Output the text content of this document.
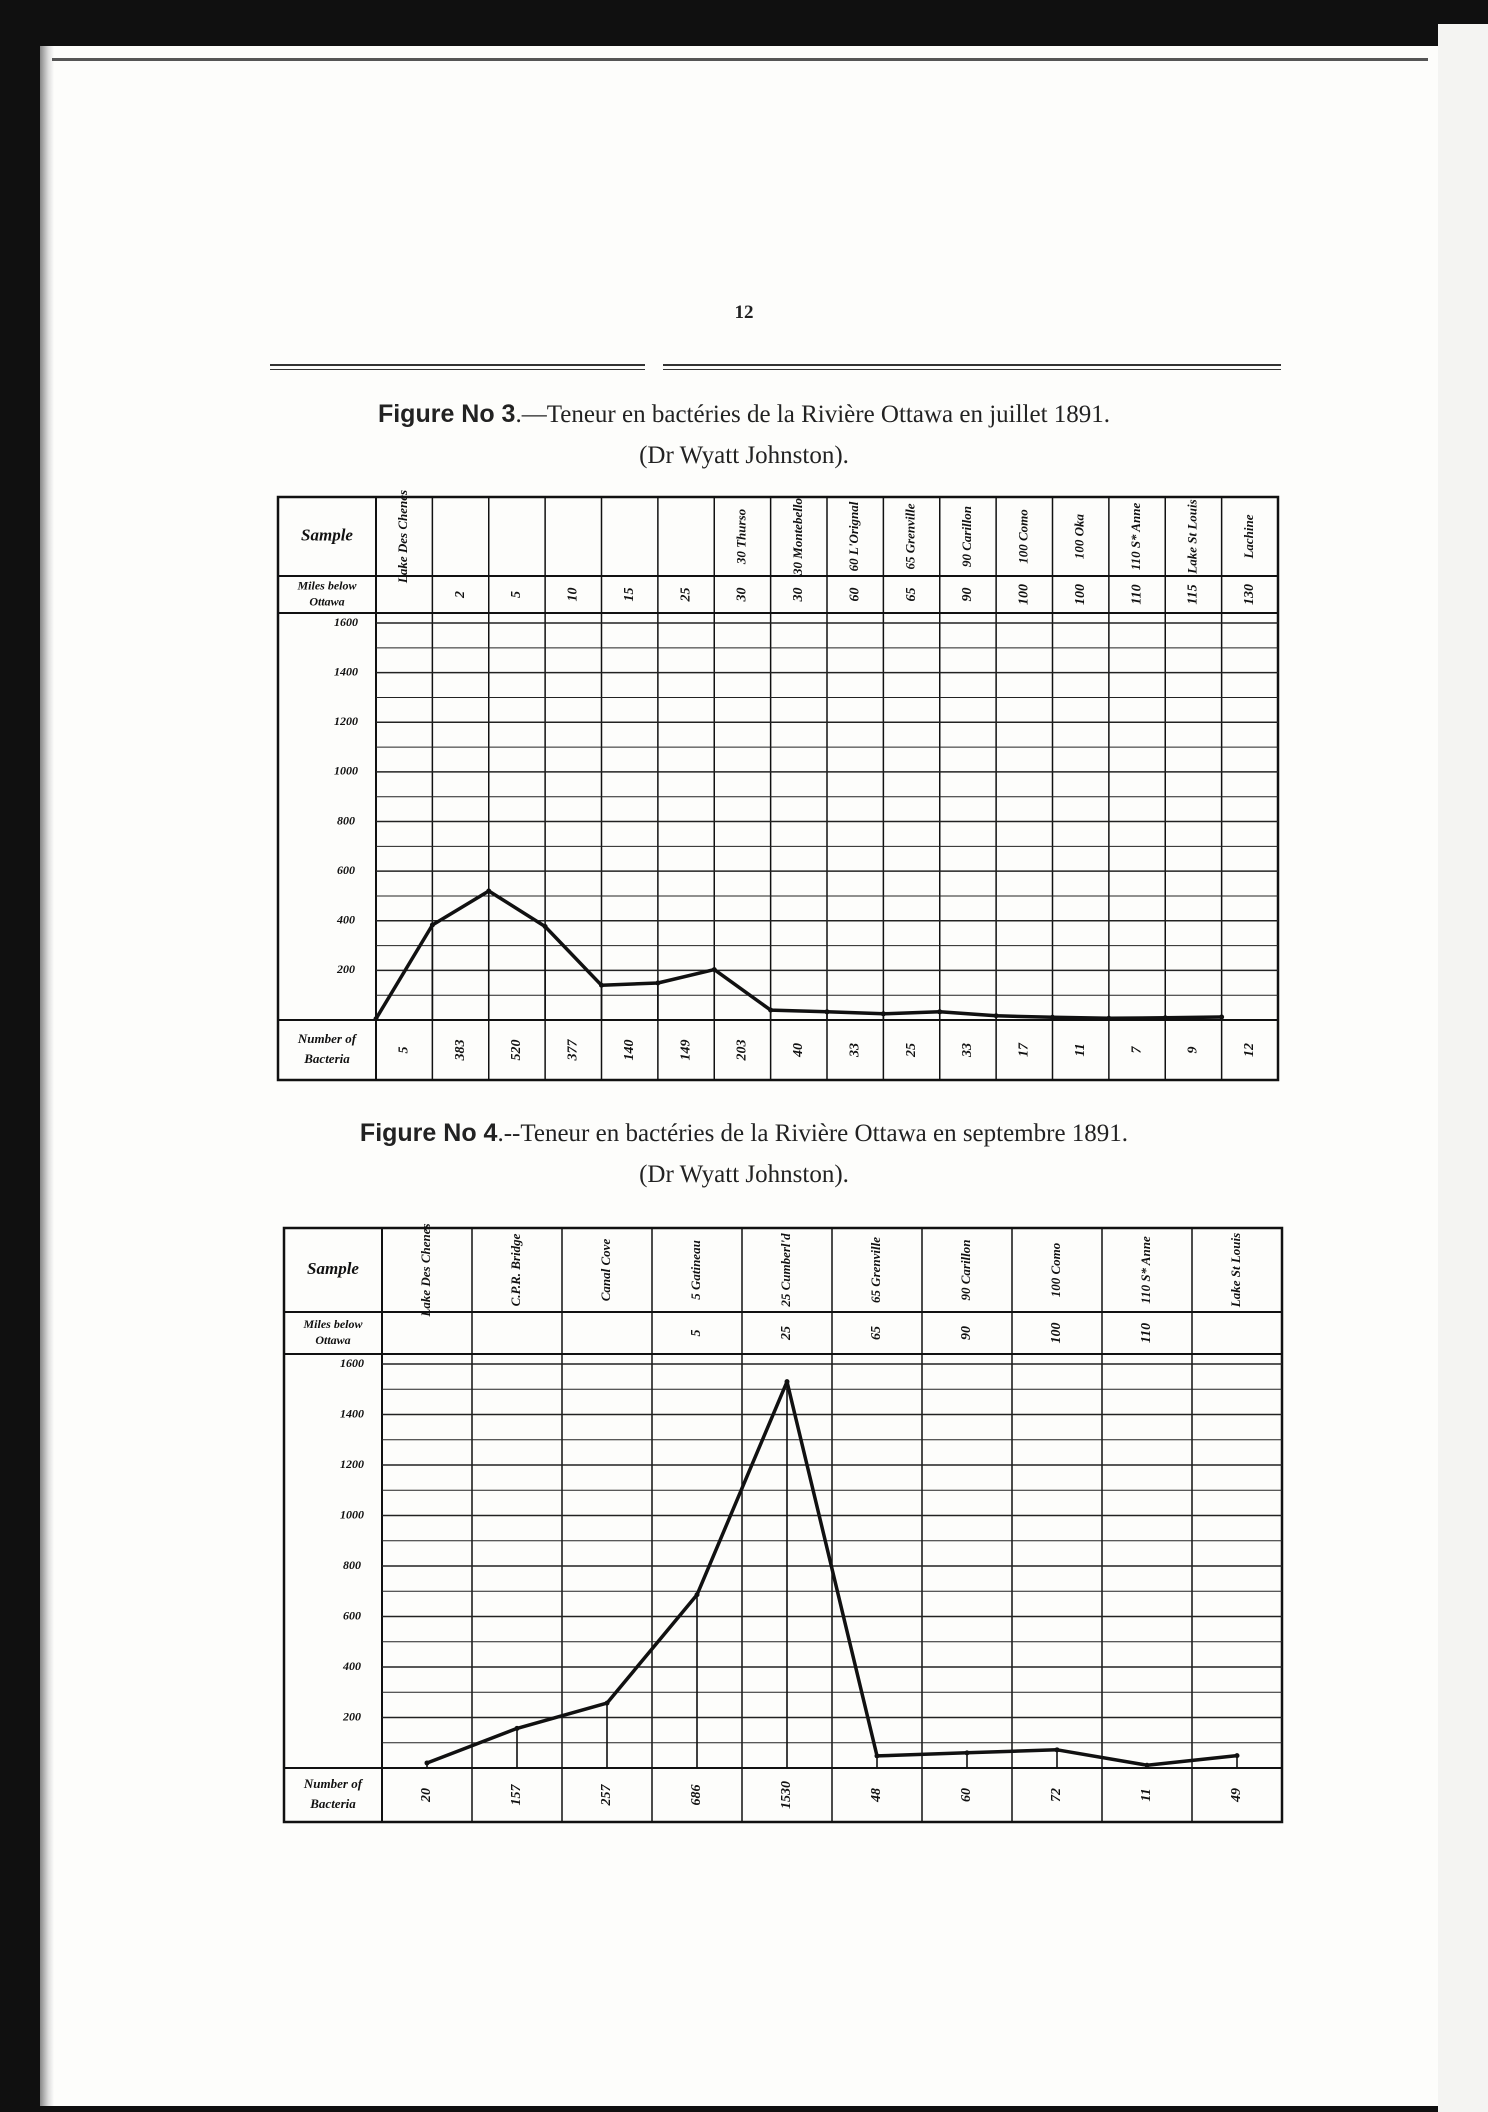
12
Figure No 3.—Teneur en bactéries de la Rivière Ottawa en juillet 1891.
(Dr Wyatt Johnston).
1600
1400
1200
1000
800
600
400
200
Sample
Miles below
Ottawa
Number of
Bacteria
Lake Des Chenes
5
2
383
5
520
10
377
15
140
25
149
30 Thurso
30
203
30 Montebello
30
40
60 L'Orignal
60
33
65 Grenville
65
25
90 Carillon
90
33
100 Como
100
17
100 Oka
100
11
110 S* Anne
110
7
Lake St Louis
115
9
Lachine
130
12
Figure No 4.--Teneur en bactéries de la Rivière Ottawa en septembre 1891.
(Dr Wyatt Johnston).
1600
1400
1200
1000
800
600
400
200
Sample
Miles below
Ottawa
Number of
Bacteria
Lake Des Chenes
20
C.P.R. Bridge
157
Canal Cove
257
5 Gatineau
5
686
25 Cumberl'd
25
1530
65 Grenville
65
48
90 Carillon
90
60
100 Como
100
72
110 S* Anne
110
11
Lake St Louis
49
